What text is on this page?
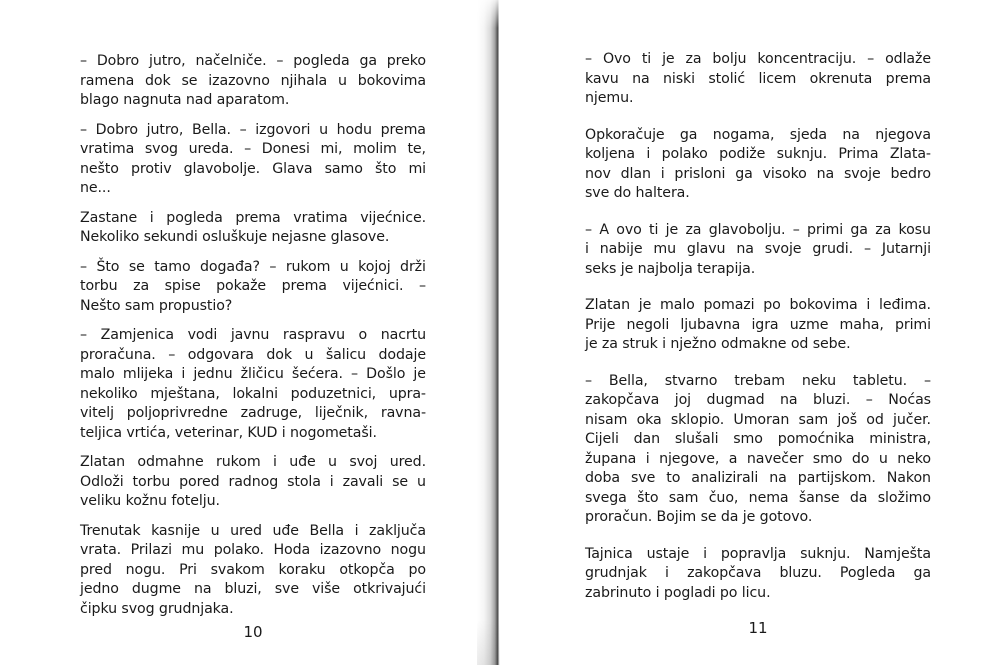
– Dobro jutro, načelniče. – pogleda ga preko
ramena dok se izazovno njihala u bokovima
blago nagnuta nad aparatom.
– Dobro jutro, Bella. – izgovori u hodu prema
vratima svog ureda. – Donesi mi, molim te,
nešto protiv glavobolje. Glava samo što mi
ne...
Zastane i pogleda prema vratima vijećnice.
Nekoliko sekundi osluškuje nejasne glasove.
– Što se tamo događa? – rukom u kojoj drži
torbu za spise pokaže prema vijećnici. –
Nešto sam propustio?
– Zamjenica vodi javnu raspravu o nacrtu
proračuna. – odgovara dok u šalicu dodaje
malo mlijeka i jednu žličicu šećera. – Došlo je
nekoliko mještana, lokalni poduzetnici, upra-
vitelj poljoprivredne zadruge, liječnik, ravna-
teljica vrtića, veterinar, KUD i nogometaši.
Zlatan odmahne rukom i uđe u svoj ured.
Odloži torbu pored radnog stola i zavali se u
veliku kožnu fotelju.
Trenutak kasnije u ured uđe Bella i zaključa
vrata. Prilazi mu polako. Hoda izazovno nogu
pred nogu. Pri svakom koraku otkopča po
jedno dugme na bluzi, sve više otkrivajući
čipku svog grudnjaka.
10
– Ovo ti je za bolju koncentraciju. – odlaže
kavu na niski stolić licem okrenuta prema
njemu.
Opkoračuje ga nogama, sjeda na njegova
koljena i polako podiže suknju. Prima Zlata-
nov dlan i prisloni ga visoko na svoje bedro
sve do haltera.
– A ovo ti je za glavobolju. – primi ga za kosu
i nabije mu glavu na svoje grudi. – Jutarnji
seks je najbolja terapija.
Zlatan je malo pomazi po bokovima i leđima.
Prije negoli ljubavna igra uzme maha, primi
je za struk i nježno odmakne od sebe.
– Bella, stvarno trebam neku tabletu. –
zakopčava joj dugmad na bluzi. – Noćas
nisam oka sklopio. Umoran sam još od jučer.
Cijeli dan slušali smo pomoćnika ministra,
župana i njegove, a navečer smo do u neko
doba sve to analizirali na partijskom. Nakon
svega što sam čuo, nema šanse da složimo
proračun. Bojim se da je gotovo.
Tajnica ustaje i popravlja suknju. Namješta
grudnjak i zakopčava bluzu. Pogleda ga
zabrinuto i pogladi po licu.
11
